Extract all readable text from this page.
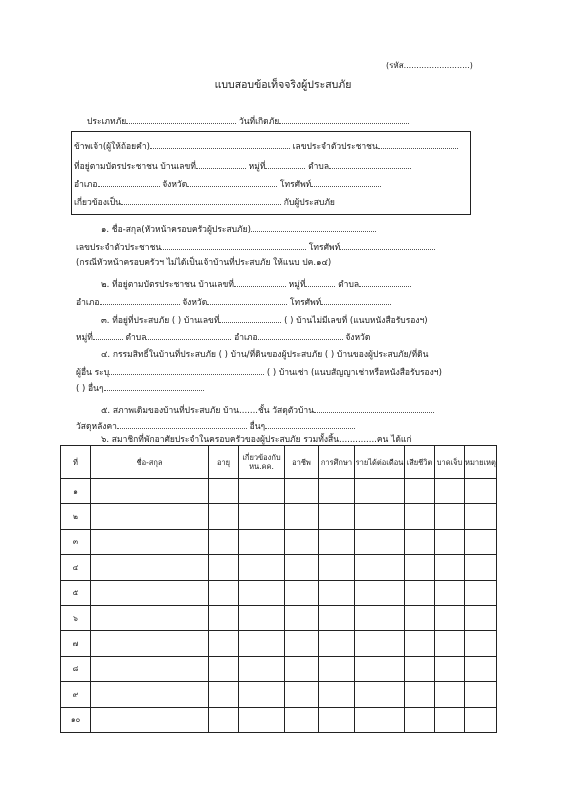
(รหัส..........................)
แบบสอบข้อเท็จจริงผู้ประสบภัย
ประเภทภัย	วันที่เกิดภัย
ข้าพเจ้า(ผู้ให้ถ้อยคำ)	เลขประจำตัวประชาชน
ที่อยู่ตามบัตรประชาชน บ้านเลขที่	หมู่ที่	ตำบล
อำเภอ	จังหวัด	โทรศัพท์
เกี่ยวข้องเป็น	กับผู้ประสบภัย
๑. ชื่อ-สกุล(หัวหน้าครอบครัวผู้ประสบภัย)
เลขประจำตัวประชาชน	โทรศัพท์
(กรณีหัวหน้าครอบครัวฯ ไม่ได้เป็นเจ้าบ้านที่ประสบภัย ให้แนบ ปค.๑๔)
๒. ที่อยู่ตามบัตรประชาชน บ้านเลขที่	หมู่ที่	ตำบล
อำเภอ	จังหวัด	โทรศัพท์
๓. ที่อยู่ที่ประสบภัย ( ) บ้านเลขที่	( ) บ้านไม่มีเลขที่ (แนบหนังสือรับรองฯ)
หมู่ที่	ตำบล	อำเภอ	จังหวัด
๔. กรรมสิทธิ์ในบ้านที่ประสบภัย ( ) บ้าน/ที่ดินของผู้ประสบภัย ( ) บ้านของผู้ประสบภัย/ที่ดิน
ผู้อื่น ระบุ	( ) บ้านเช่า (แนบสัญญาเช่าหรือหนังสือรับรองฯ)
( ) อื่นๆ
๕. สภาพเดิมของบ้านที่ประสบภัย บ้าน.......ชั้น วัสดุตัวบ้าน
วัสดุหลังคา	อื่นๆ
๖. สมาชิกที่พักอาศัยประจำในครอบครัวของผู้ประสบภัย รวมทั้งสิ้น..............คน ได้แก่
ที่	ชื่อ-สกุล	อายุ	เกี่ยวข้องกับ หน.คค.	อาชีพ	การศึกษา	รายได้ต่อเดือน	เสียชีวิต	บาดเจ็บ	หมายเหตุ
๑									
๒									
๓									
๔									
๕									
๖									
๗									
๘									
๙									
๑๐									
